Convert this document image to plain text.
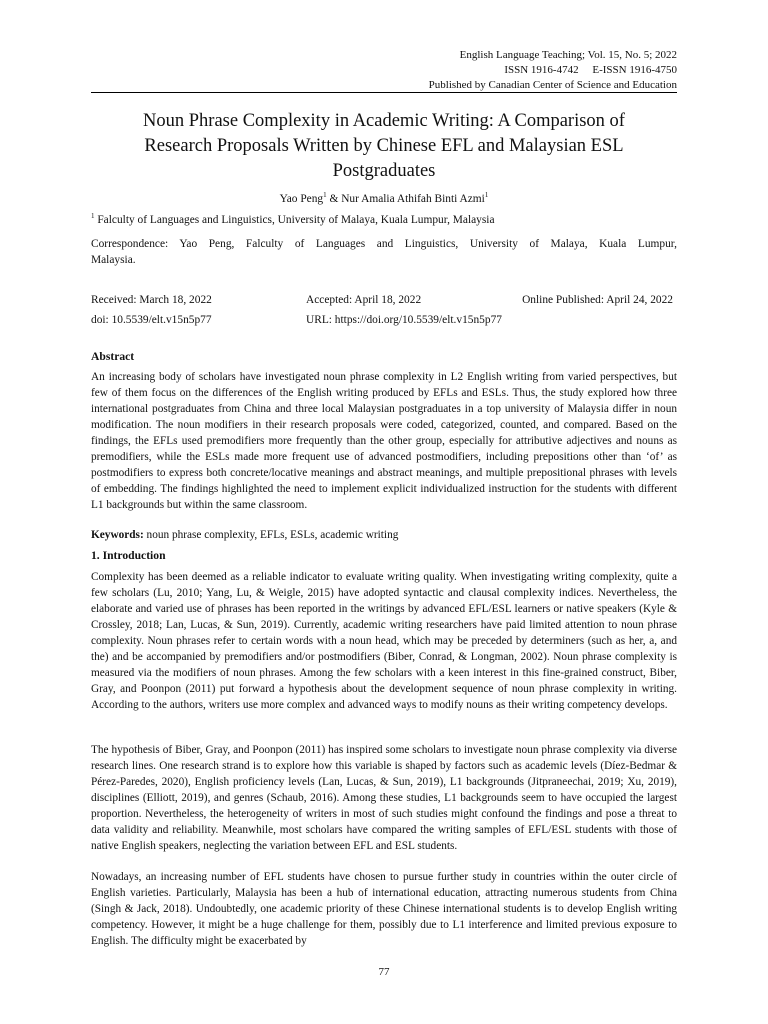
English Language Teaching; Vol. 15, No. 5; 2022
ISSN 1916-4742     E-ISSN 1916-4750
Published by Canadian Center of Science and Education
Noun Phrase Complexity in Academic Writing: A Comparison of
Research Proposals Written by Chinese EFL and Malaysian ESL
Postgraduates
Yao Peng$^1$ & Nur Amalia Athifah Binti Azmi$^1$
$^1$ Falculty of Languages and Linguistics, University of Malaya, Kuala Lumpur, Malaysia
Correspondence: Yao Peng, Falculty of Languages and Linguistics, University of Malaya, Kuala Lumpur,
Malaysia.
Received: March 18, 2022	Accepted: April 18, 2022	Online Published: April 24, 2022
doi: 10.5539/elt.v15n5p77	URL: https://doi.org/10.5539/elt.v15n5p77
Abstract

An increasing body of scholars have investigated noun phrase complexity in L2 English writing from varied perspectives, but few of them focus on the differences of the English writing produced by EFLs and ESLs. Thus, the study explored how three international postgraduates from China and three local Malaysian postgraduates in a top university of Malaysia differ in noun modification. The noun modifiers in their research proposals were coded, categorized, counted, and compared. Based on the findings, the EFLs used premodifiers more frequently than the other group, especially for attributive adjectives and nouns as premodifiers, while the ESLs made more frequent use of advanced postmodifiers, including prepositions other than ‘of’ as postmodifiers to express both concrete/locative meanings and abstract meanings, and multiple prepositional phrases with levels of embedding. The findings highlighted the need to implement explicit individualized instruction for the students with different L1 backgrounds but within the same classroom.

Keywords: noun phrase complexity, EFLs, ESLs, academic writing
1. Introduction

Complexity has been deemed as a reliable indicator to evaluate writing quality. When investigating writing complexity, quite a few scholars (Lu, 2010; Yang, Lu, & Weigle, 2015) have adopted syntactic and clausal complexity indices. Nevertheless, the elaborate and varied use of phrases has been reported in the writings by advanced EFL/ESL learners or native speakers (Kyle & Crossley, 2018; Lan, Lucas, & Sun, 2019). Currently, academic writing researchers have paid limited attention to noun phrase complexity. Noun phrases refer to certain words with a noun head, which may be preceded by determiners (such as her, a, and the) and be accompanied by premodifiers and/or postmodifiers (Biber, Conrad, & Longman, 2002). Noun phrase complexity is measured via the modifiers of noun phrases. Among the few scholars with a keen interest in this fine-grained construct, Biber, Gray, and Poonpon (2011) put forward a hypothesis about the development sequence of noun phrase complexity in writing. According to the authors, writers use more complex and advanced ways to modify nouns as their writing competency develops.

The hypothesis of Biber, Gray, and Poonpon (2011) has inspired some scholars to investigate noun phrase complexity via diverse research lines. One research strand is to explore how this variable is shaped by factors such as academic levels (Díez-Bedmar & Pérez-Paredes, 2020), English proficiency levels (Lan, Lucas, & Sun, 2019), L1 backgrounds (Jitpraneechai, 2019; Xu, 2019), disciplines (Elliott, 2019), and genres (Schaub, 2016). Among these studies, L1 backgrounds seem to have occupied the largest proportion. Nevertheless, the heterogeneity of writers in most of such studies might confound the findings and pose a threat to data validity and reliability. Meanwhile, most scholars have compared the writing samples of EFL/ESL students with those of native English speakers, neglecting the variation between EFL and ESL students.

Nowadays, an increasing number of EFL students have chosen to pursue further study in countries within the outer circle of English varieties. Particularly, Malaysia has been a hub of international education, attracting numerous students from China (Singh & Jack, 2018). Undoubtedly, one academic priority of these Chinese international students is to develop English writing competency. However, it might be a huge challenge for them, possibly due to L1 interference and limited previous exposure to English. The difficulty might be exacerbated by

77
